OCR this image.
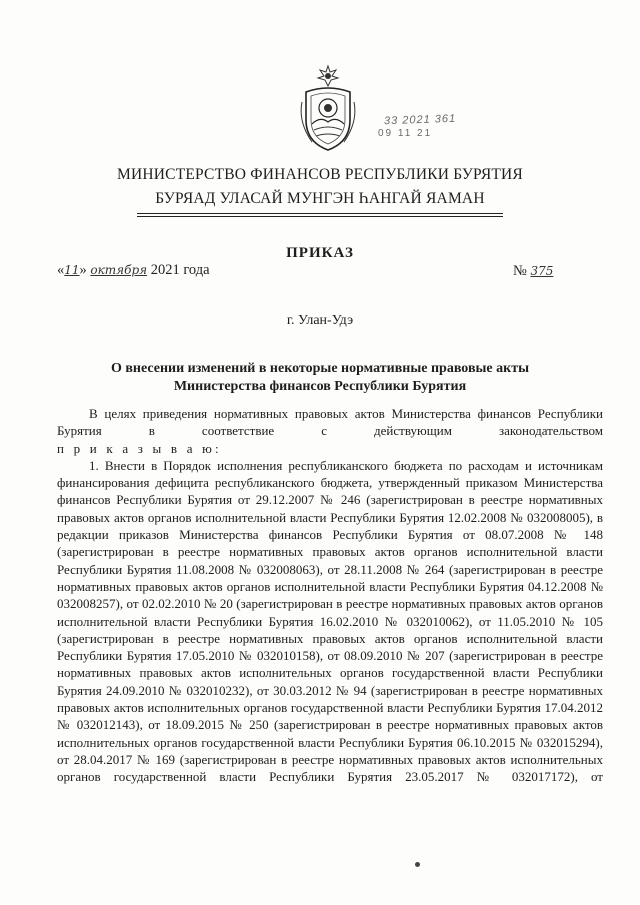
33 2021 361
09 11 21
МИНИСТЕРСТВО ФИНАНСОВ РЕСПУБЛИКИ БУРЯТИЯ
БУРЯАД УЛАСАЙ МУНГЭН ҺАНГАЙ ЯАМАН
ПРИКАЗ
«11» октября 2021 года	№ 375
г. Улан-Удэ
О внесении изменений в некоторые нормативные правовые акты
Министерства финансов Республики Бурятия

В целях приведения нормативных правовых актов Министерства финансов Республики Бурятия в соответствие с действующим законодательством

п р и к а з ы в а ю:

1. Внести в Порядок исполнения республиканского бюджета по расходам и источникам финансирования дефицита республиканского бюджета, утвержденный приказом Министерства финансов Республики Бурятия от 29.12.2007 № 246 (зарегистрирован в реестре нормативных правовых актов органов исполнительной власти Республики Бурятия 12.02.2008 № 032008005), в редакции приказов Министерства финансов Республики Бурятия от 08.07.2008 № 148 (зарегистрирован в реестре нормативных правовых актов органов исполнительной власти Республики Бурятия 11.08.2008 № 032008063), от 28.11.2008 № 264 (зарегистрирован в реестре нормативных правовых актов органов исполнительной власти Республики Бурятия 04.12.2008 № 032008257), от 02.02.2010 № 20 (зарегистрирован в реестре нормативных правовых актов органов исполнительной власти Республики Бурятия 16.02.2010 № 032010062), от 11.05.2010 № 105 (зарегистрирован в реестре нормативных правовых актов органов исполнительной власти Республики Бурятия 17.05.2010 № 032010158), от 08.09.2010 № 207 (зарегистрирован в реестре нормативных правовых актов исполнительных органов государственной власти Республики Бурятия 24.09.2010 № 032010232), от 30.03.2012 № 94 (зарегистрирован в реестре нормативных правовых актов исполнительных органов государственной власти Республики Бурятия 17.04.2012 № 032012143), от 18.09.2015 № 250 (зарегистрирован в реестре нормативных правовых актов исполнительных органов государственной власти Республики Бурятия 06.10.2015 № 032015294), от 28.04.2017 № 169 (зарегистрирован в реестре нормативных правовых актов исполнительных органов государственной власти Республики Бурятия 23.05.2017 № 032017172), от
